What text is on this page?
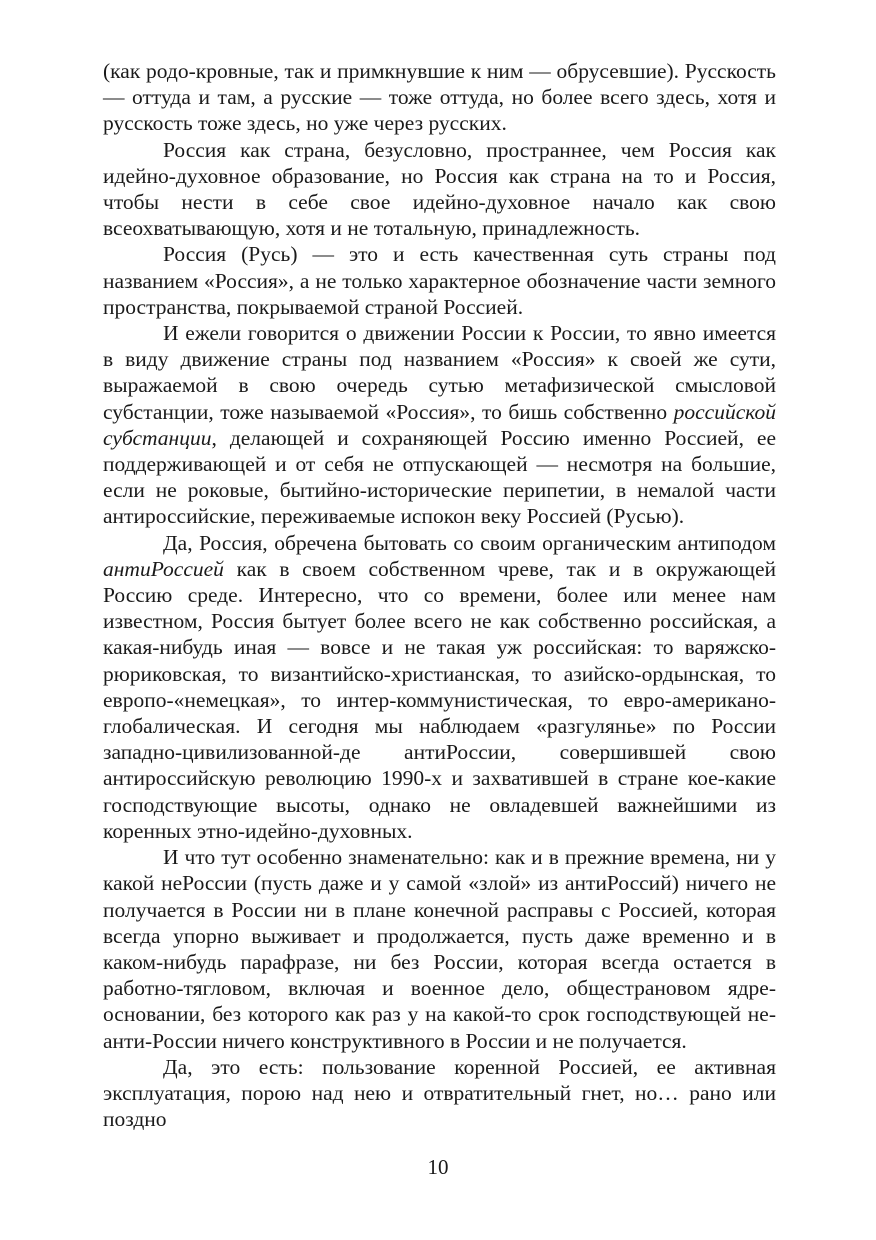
(как родо-кровные, так и примкнувшие к ним — обрусевшие). Русскость — оттуда и там, а русские — тоже оттуда, но более всего здесь, хотя и русскость тоже здесь, но уже через русских.

Россия как страна, безусловно, пространнее, чем Россия как идейно-духовное образование, но Россия как страна на то и Россия, чтобы нести в себе свое идейно-духовное начало как свою всеохватывающую, хотя и не тотальную, принадлежность.

Россия (Русь) — это и есть качественная суть страны под названием «Россия», а не только характерное обозначение части земного пространства, покрываемой страной Россией.

И ежели говорится о движении России к России, то явно имеется в виду движение страны под названием «Россия» к своей же сути, выражаемой в свою очередь сутью метафизической смысловой субстанции, тоже называемой «Россия», то бишь собственно российской субстанции, делающей и сохраняющей Россию именно Россией, ее поддерживающей и от себя не отпускающей — несмотря на большие, если не роковые, бытийно-исторические перипетии, в немалой части антироссийские, переживаемые испокон веку Россией (Русью).

Да, Россия, обречена бытовать со своим органическим антиподом антиРоссией как в своем собственном чреве, так и в окружающей Россию среде. Интересно, что со времени, более или менее нам известном, Россия бытует более всего не как собственно российская, а какая-нибудь иная — вовсе и не такая уж российская: то варяжско-рюриковская, то византийско-христианская, то азийско-ордынская, то европо-«немецкая», то интер-коммунистическая, то евро-американо-глобалическая. И сегодня мы наблюдаем «разгулянье» по России западно-цивилизованной-де антиРоссии, совершившей свою антироссийскую революцию 1990-х и захватившей в стране кое-какие господствующие высоты, однако не овладевшей важнейшими из коренных этно-идейно-духовных.

И что тут особенно знаменательно: как и в прежние времена, ни у какой неРоссии (пусть даже и у самой «злой» из антиРоссий) ничего не получается в России ни в плане конечной расправы с Россией, которая всегда упорно выживает и продолжается, пусть даже временно и в каком-нибудь парафразе, ни без России, которая всегда остается в работно-тягловом, включая и военное дело, общестрановом ядре-основании, без которого как раз у на какой-то срок господствующей не-анти-России ничего конструктивного в России и не получается.

Да, это есть: пользование коренной Россией, ее активная эксплуатация, порою над нею и отвратительный гнет, но… рано или поздно

10
